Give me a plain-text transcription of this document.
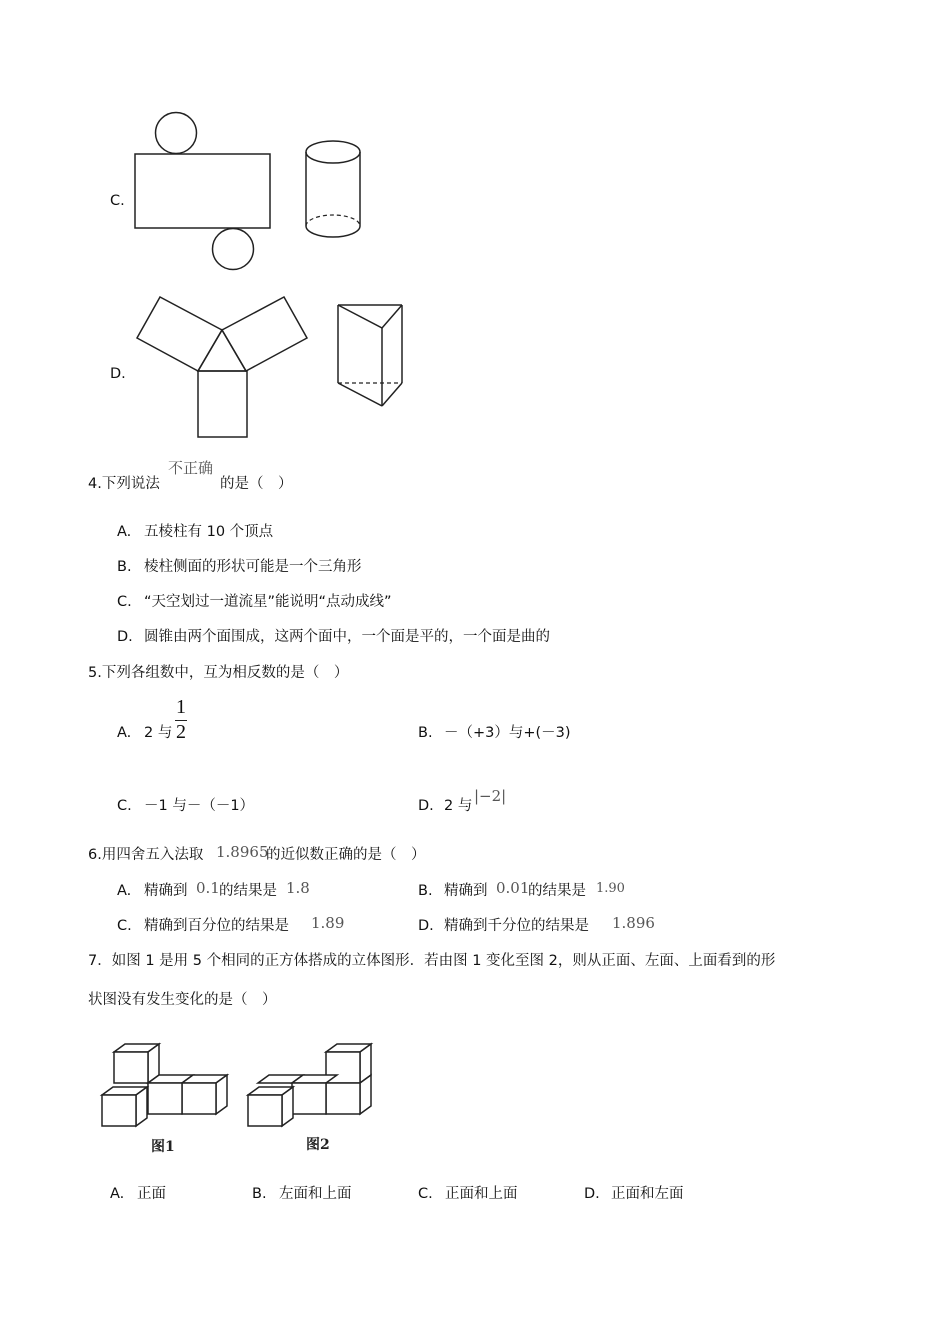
C.
D.
4.下列说法
不正确
的是（　）
A. 五棱柱有 10 个顶点
B. 棱柱侧面的形状可能是一个三角形
C. “天空划过一道流星”能说明“点动成线”
D. 圆锥由两个面围成，这两个面中，一个面是平的，一个面是曲的
5.下列各组数中，互为相反数的是（　）
A. 2 与
1
2	B. －（+3）与+(－3)
C. －1 与－（－1）	D. 2 与
|−2|
6.用四舍五入法取 1.8965
的近似数正确的是（　）
A. 精确到 0.1 的结果是 1.8	B. 精确到 0.01
的结果是 1.90
C. 精确到百分位的结果是 1.89	D. 精确到千分位的结果是 1.896
7．如图 1 是用 5 个相同的正方体搭成的立体图形．若由图 1 变化至图 2，则从正面、左面、上面看到的形
状图没有发生变化的是（　）
图1	图2
A. 正面	B. 左面和上面	C. 正面和上面	D. 正面和左面
